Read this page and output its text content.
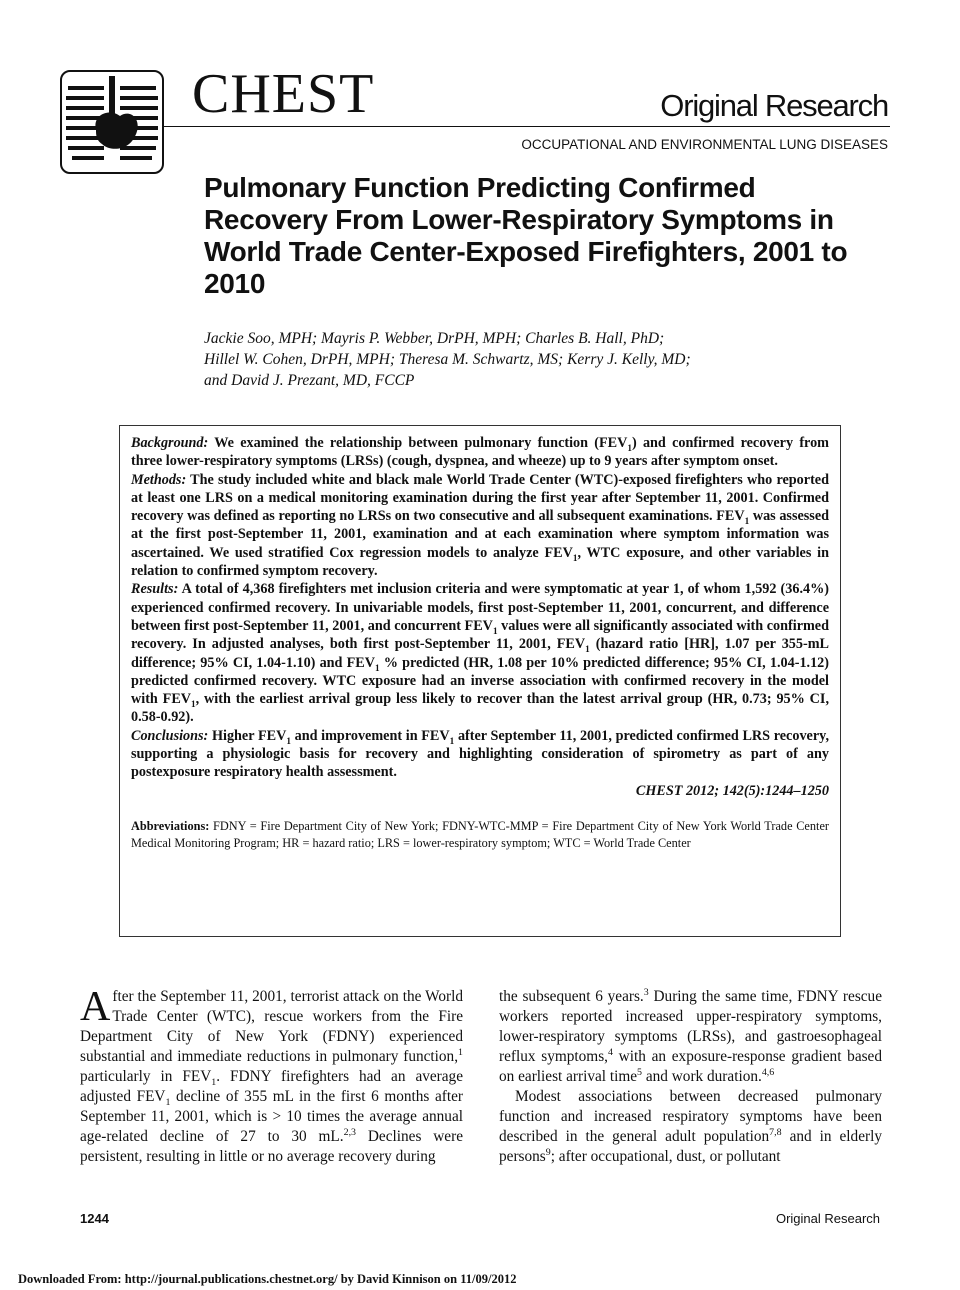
CHEST	Original Research
OCCUPATIONAL AND ENVIRONMENTAL LUNG DISEASES
Pulmonary Function Predicting Confirmed Recovery From Lower-Respiratory Symptoms in World Trade Center-Exposed Firefighters, 2001 to 2010
Jackie Soo, MPH; Mayris P. Webber, DrPH, MPH; Charles B. Hall, PhD;
Hillel W. Cohen, DrPH, MPH; Theresa M. Schwartz, MS; Kerry J. Kelly, MD;
and David J. Prezant, MD, FCCP

Background: We examined the relationship between pulmonary function $(FEV_1)$ and confirmed recovery from three lower-respiratory symptoms (LRSs) (cough, dyspnea, and wheeze) up to 9 years after symptom onset.

Methods: The study included white and black male World Trade Center (WTC)-exposed firefighters who reported at least one LRS on a medical monitoring examination during the first year after September 11, 2001. Confirmed recovery was defined as reporting no LRSs on two consecutive and all subsequent examinations. $FEV_1$ was assessed at the first post-September 11, 2001, examination and at each examination where symptom information was ascertained. We used stratified Cox regression models to analyze $FEV_1$, WTC exposure, and other variables in relation to confirmed symptom recovery.

Results: A total of 4,368 firefighters met inclusion criteria and were symptomatic at year 1, of whom 1,592 (36.4%) experienced confirmed recovery. In univariable models, first post-September 11, 2001, concurrent, and difference between first post-September 11, 2001, and concurrent $FEV_1$ values were all significantly associated with confirmed recovery. In adjusted analyses, both first post-September 11, 2001, $FEV_1$ (hazard ratio [HR], 1.07 per 355-mL difference; 95% CI, 1.04-1.10) and $FEV_1$ % predicted (HR, 1.08 per 10% predicted difference; 95% CI, 1.04-1.12) predicted confirmed recovery. WTC exposure had an inverse association with confirmed recovery in the model with $FEV_1$, with the earliest arrival group less likely to recover than the latest arrival group (HR, 0.73; 95% CI, 0.58-0.92).

Conclusions: Higher $FEV_1$ and improvement in $FEV_1$ after September 11, 2001, predicted confirmed LRS recovery, supporting a physiologic basis for recovery and highlighting consideration of spirometry as part of any postexposure respiratory health assessment.

CHEST 2012; 142(5):1244–1250

Abbreviations: FDNY = Fire Department City of New York; FDNY-WTC-MMP = Fire Department City of New York World Trade Center Medical Monitoring Program; HR = hazard ratio; LRS = lower-respiratory symptom; WTC = World Trade Center

After the September 11, 2001, terrorist attack on the World Trade Center (WTC), rescue workers from the Fire Department City of New York (FDNY) experienced substantial and immediate reductions in pulmonary function,$^1$ particularly in $FEV_1$. FDNY firefighters had an average adjusted $FEV_1$ decline of 355 mL in the first 6 months after September 11, 2001, which is > 10 times the average annual age-related decline of 27 to 30 mL.$^{2,3}$ Declines were persistent, resulting in little or no average recovery during

the subsequent 6 years.$^3$ During the same time, FDNY rescue workers reported increased upper-respiratory symptoms, lower-respiratory symptoms (LRSs), and gastroesophageal reflux symptoms,$^4$ with an exposure-response gradient based on earliest arrival time$^5$ and work duration.$^{4,6}$

Modest associations between decreased pulmonary function and increased respiratory symptoms have been described in the general adult population$^{7,8}$ and in elderly persons$^9$; after occupational, dust, or pollutant

1244	Original Research
Downloaded From: http://journal.publications.chestnet.org/ by David Kinnison on 11/09/2012
